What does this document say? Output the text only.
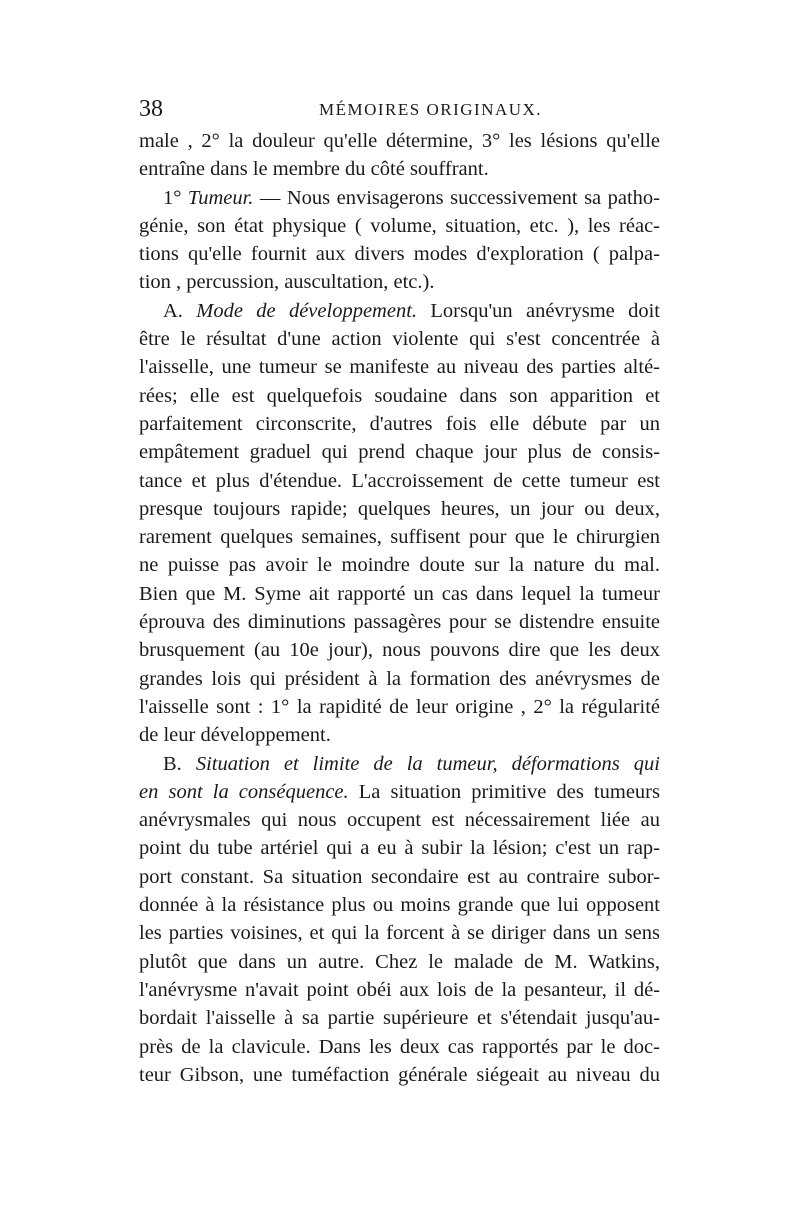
38	MÉMOIRES ORIGINAUX.
male , 2° la douleur qu'elle détermine, 3° les lésions qu'elle
entraîne dans le membre du côté souffrant.
1° Tumeur. — Nous envisagerons successivement sa patho-
génie, son état physique ( volume, situation, etc. ), les réac-
tions qu'elle fournit aux divers modes d'exploration ( palpa-
tion , percussion, auscultation, etc.).
A. Mode de développement. Lorsqu'un anévrysme doit
être le résultat d'une action violente qui s'est concentrée à
l'aisselle, une tumeur se manifeste au niveau des parties alté-
rées; elle est quelquefois soudaine dans son apparition et
parfaitement circonscrite, d'autres fois elle débute par un
empâtement graduel qui prend chaque jour plus de consis-
tance et plus d'étendue. L'accroissement de cette tumeur est
presque toujours rapide; quelques heures, un jour ou deux,
rarement quelques semaines, suffisent pour que le chirurgien
ne puisse pas avoir le moindre doute sur la nature du mal.
Bien que M. Syme ait rapporté un cas dans lequel la tumeur
éprouva des diminutions passagères pour se distendre ensuite
brusquement (au 10e jour), nous pouvons dire que les deux
grandes lois qui président à la formation des anévrysmes de
l'aisselle sont : 1° la rapidité de leur origine , 2° la régularité
de leur développement.
B. Situation et limite de la tumeur, déformations qui
en sont la conséquence. La situation primitive des tumeurs
anévrysmales qui nous occupent est nécessairement liée au
point du tube artériel qui a eu à subir la lésion; c'est un rap-
port constant. Sa situation secondaire est au contraire subor-
donnée à la résistance plus ou moins grande que lui opposent
les parties voisines, et qui la forcent à se diriger dans un sens
plutôt que dans un autre. Chez le malade de M. Watkins,
l'anévrysme n'avait point obéi aux lois de la pesanteur, il dé-
bordait l'aisselle à sa partie supérieure et s'étendait jusqu'au-
près de la clavicule. Dans les deux cas rapportés par le doc-
teur Gibson, une tuméfaction générale siégeait au niveau du
